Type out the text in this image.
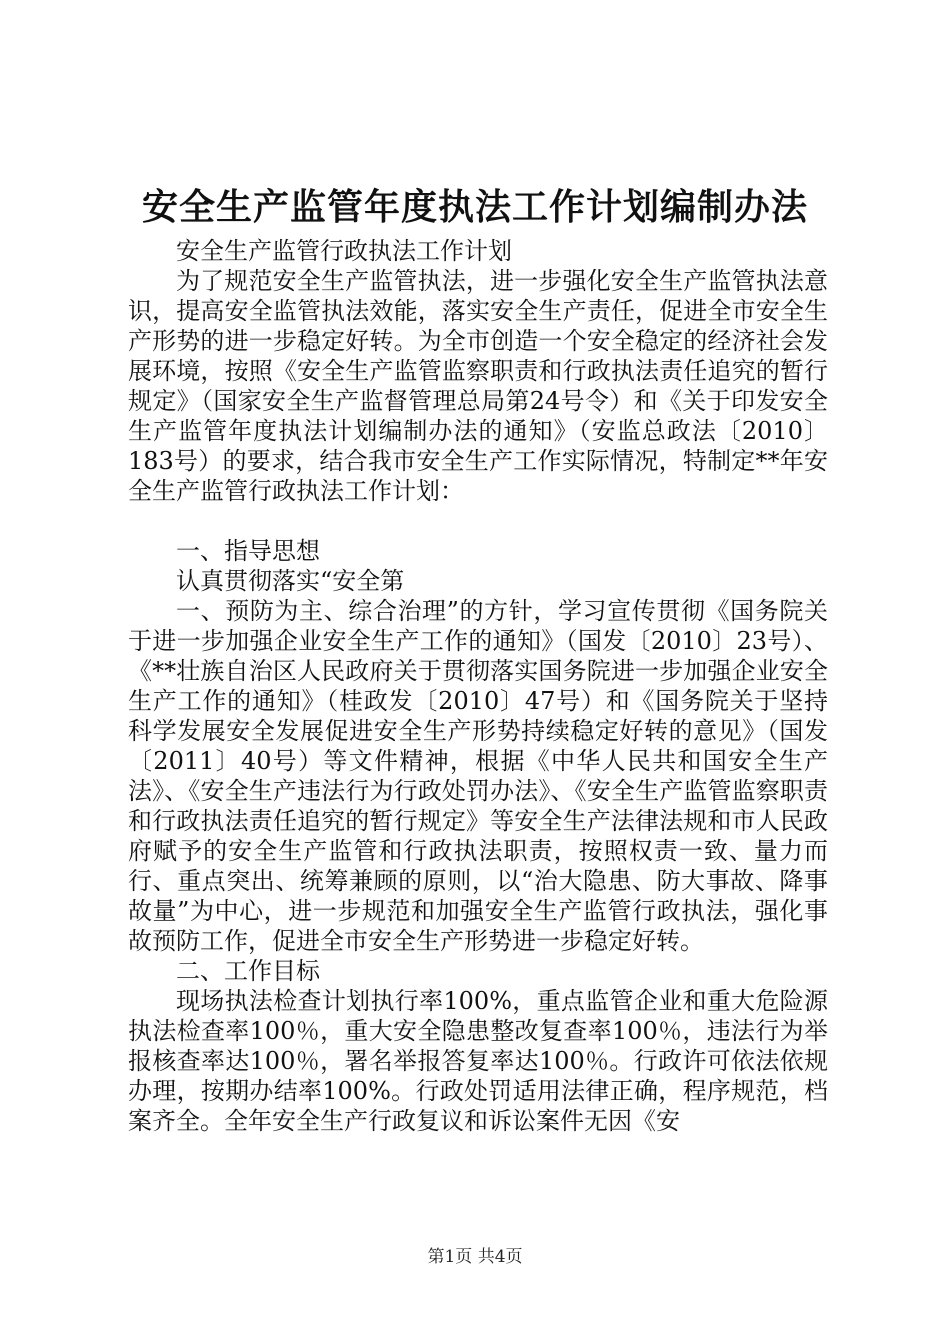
安全生产监管年度执法工作计划编制办法

安全生产监管行政执法工作计划

为了规范安全生产监管执法，进一步强化安全生产监管执法意识，提高安全监管执法效能，落实安全生产责任，促进全市安全生产形势的进一步稳定好转。为全市创造一个安全稳定的经济社会发展环境，按照《安全生产监管监察职责和行政执法责任追究的暂行规定》（国家安全生产监督管理总局第24号令）和《关于印发安全生产监管年度执法计划编制办法的通知》（安监总政法〔2010〕183号）的要求，结合我市安全生产工作实际情况，特制定**年安全生产监管行政执法工作计划：

一、指导思想

认真贯彻落实“安全第

一、预防为主、综合治理”的方针，学习宣传贯彻《国务院关于进一步加强企业安全生产工作的通知》（国发〔2010〕23号）、《**壮族自治区人民政府关于贯彻落实国务院进一步加强企业安全生产工作的通知》（桂政发〔2010〕47号）和《国务院关于坚持科学发展安全发展促进安全生产形势持续稳定好转的意见》（国发〔2011〕40号）等文件精神，根据《中华人民共和国安全生产法》、《安全生产违法行为行政处罚办法》、《安全生产监管监察职责和行政执法责任追究的暂行规定》等安全生产法律法规和市人民政府赋予的安全生产监管和行政执法职责，按照权责一致、量力而行、重点突出、统筹兼顾的原则，以“治大隐患、防大事故、降事故量”为中心，进一步规范和加强安全生产监管行政执法，强化事故预防工作，促进全市安全生产形势进一步稳定好转。

二、工作目标

现场执法检查计划执行率100%，重点监管企业和重大危险源执法检查率100％，重大安全隐患整改复查率100％，违法行为举报核查率达100％，署名举报答复率达100％。行政许可依法依规办理，按期办结率100%。行政处罚适用法律正确，程序规范，档案齐全。全年安全生产行政复议和诉讼案件无因《安

第1页 共4页
